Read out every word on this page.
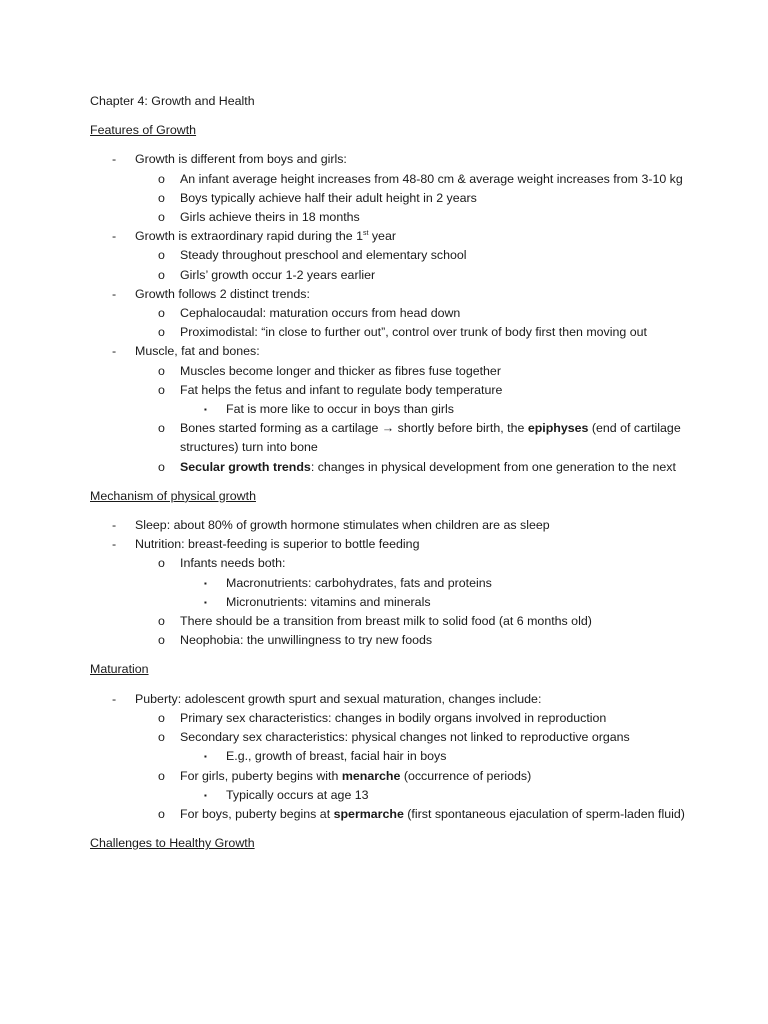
Chapter 4: Growth and Health

Features of Growth

- Growth is different from boys and girls:
o An infant average height increases from 48-80 cm & average weight increases from 3-10 kg
o Boys typically achieve half their adult height in 2 years
o Girls achieve theirs in 18 months
- Growth is extraordinary rapid during the 1st year
o Steady throughout preschool and elementary school
o Girls’ growth occur 1-2 years earlier
- Growth follows 2 distinct trends:
o Cephalocaudal: maturation occurs from head down
o Proximodistal: “in close to further out”, control over trunk of body first then moving out
- Muscle, fat and bones:
o Muscles become longer and thicker as fibres fuse together
o Fat helps the fetus and infant to regulate body temperature
▪ Fat is more like to occur in boys than girls
o Bones started forming as a cartilage → shortly before birth, the epiphyses (end of cartilage structures) turn into bone
o Secular growth trends: changes in physical development from one generation to the next

Mechanism of physical growth

- Sleep: about 80% of growth hormone stimulates when children are as sleep
- Nutrition: breast-feeding is superior to bottle feeding
o Infants needs both:
▪ Macronutrients: carbohydrates, fats and proteins
▪ Micronutrients: vitamins and minerals
o There should be a transition from breast milk to solid food (at 6 months old)
o Neophobia: the unwillingness to try new foods

Maturation

- Puberty: adolescent growth spurt and sexual maturation, changes include:
o Primary sex characteristics: changes in bodily organs involved in reproduction
o Secondary sex characteristics: physical changes not linked to reproductive organs
▪ E.g., growth of breast, facial hair in boys
o For girls, puberty begins with menarche (occurrence of periods)
▪ Typically occurs at age 13
o For boys, puberty begins at spermarche (first spontaneous ejaculation of sperm-laden fluid)

Challenges to Healthy Growth
